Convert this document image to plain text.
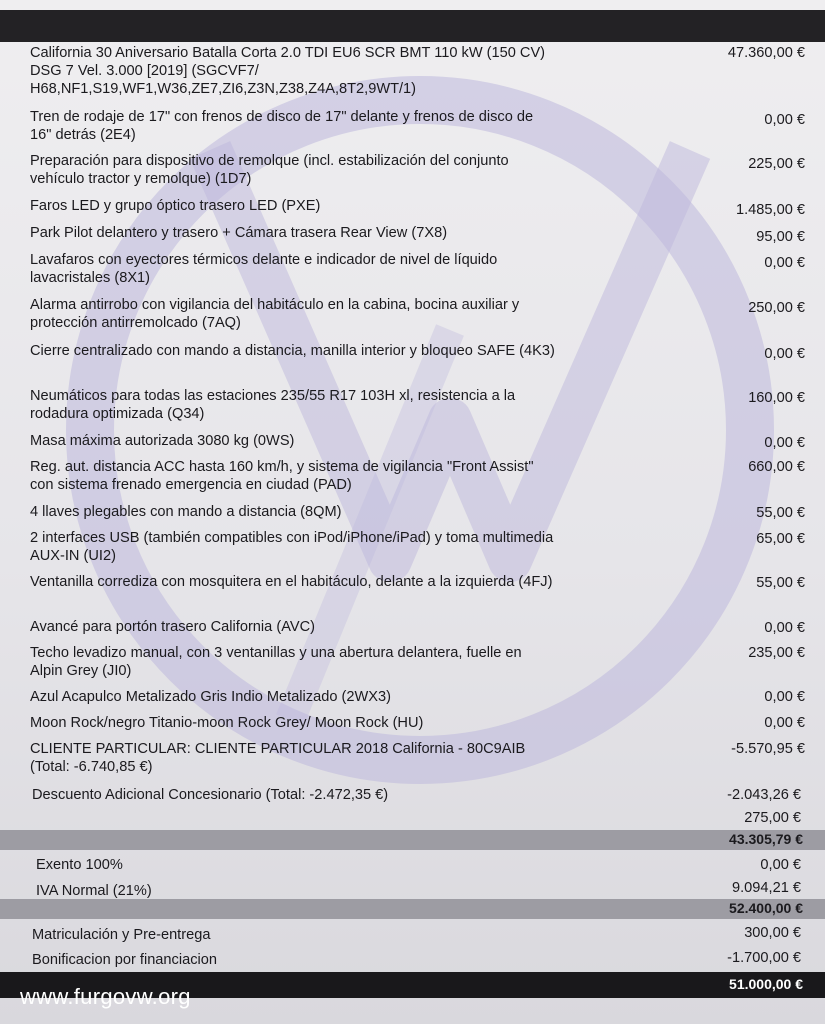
California 30 Aniversario Batalla Corta 2.0 TDI EU6 SCR BMT 110 kW (150 CV) DSG 7 Vel. 3.000 [2019] (SGCVF7/ H68,NF1,S19,WF1,W36,ZE7,ZI6,Z3N,Z38,Z4A,8T2,9WT/1)
47.360,00 €
Tren de rodaje de 17" con frenos de disco de 17" delante y frenos de disco de 16" detrás (2E4)
0,00 €
Preparación para dispositivo de remolque (incl. estabilización del conjunto vehículo tractor y remolque) (1D7)
225,00 €
Faros LED y grupo óptico trasero LED (PXE)	1.485,00 €
Park Pilot delantero y trasero + Cámara trasera Rear View (7X8)	95,00 €
Lavafaros con eyectores térmicos delante e indicador de nivel de líquido lavacristales (8X1)
0,00 €
Alarma antirrobo con vigilancia del habitáculo en la cabina, bocina auxiliar y protección antirremolcado (7AQ)
250,00 €
Cierre centralizado con mando a distancia, manilla interior y bloqueo SAFE (4K3)	0,00 €
Neumáticos para todas las estaciones 235/55 R17 103H xl, resistencia a la rodadura optimizada (Q34)
160,00 €
Masa máxima autorizada 3080 kg (0WS)	0,00 €
Reg. aut. distancia ACC hasta 160 km/h, y sistema de vigilancia "Front Assist" con sistema frenado emergencia en ciudad (PAD)
660,00 €
4 llaves plegables con mando a distancia (8QM)	55,00 €
2 interfaces USB (también compatibles con iPod/iPhone/iPad) y toma multimedia AUX-IN (UI2)
65,00 €
Ventanilla corrediza con mosquitera en el habitáculo, delante a la izquierda (4FJ)	55,00 €
Avancé para portón trasero California (AVC)	0,00 €
Techo levadizo manual, con 3 ventanillas y una abertura delantera, fuelle en Alpin Grey (JI0)
235,00 €
Azul Acapulco Metalizado Gris Indio Metalizado (2WX3)	0,00 €
Moon Rock/negro Titanio-moon Rock Grey/ Moon Rock (HU)	0,00 €
CLIENTE PARTICULAR: CLIENTE PARTICULAR 2018 California - 80C9AIB (Total: -6.740,85 €)
-5.570,95 €
Descuento Adicional Concesionario (Total: -2.472,35 €)	-2.043,26 €
275,00 €
43.305,79 €
Exento 100%	0,00 €
IVA Normal (21%)	9.094,21 €
52.400,00 €
Matriculación y Pre-entrega	300,00 €
Bonificacion por financiacion	-1.700,00 €
51.000,00 €
www.furgovw.org
